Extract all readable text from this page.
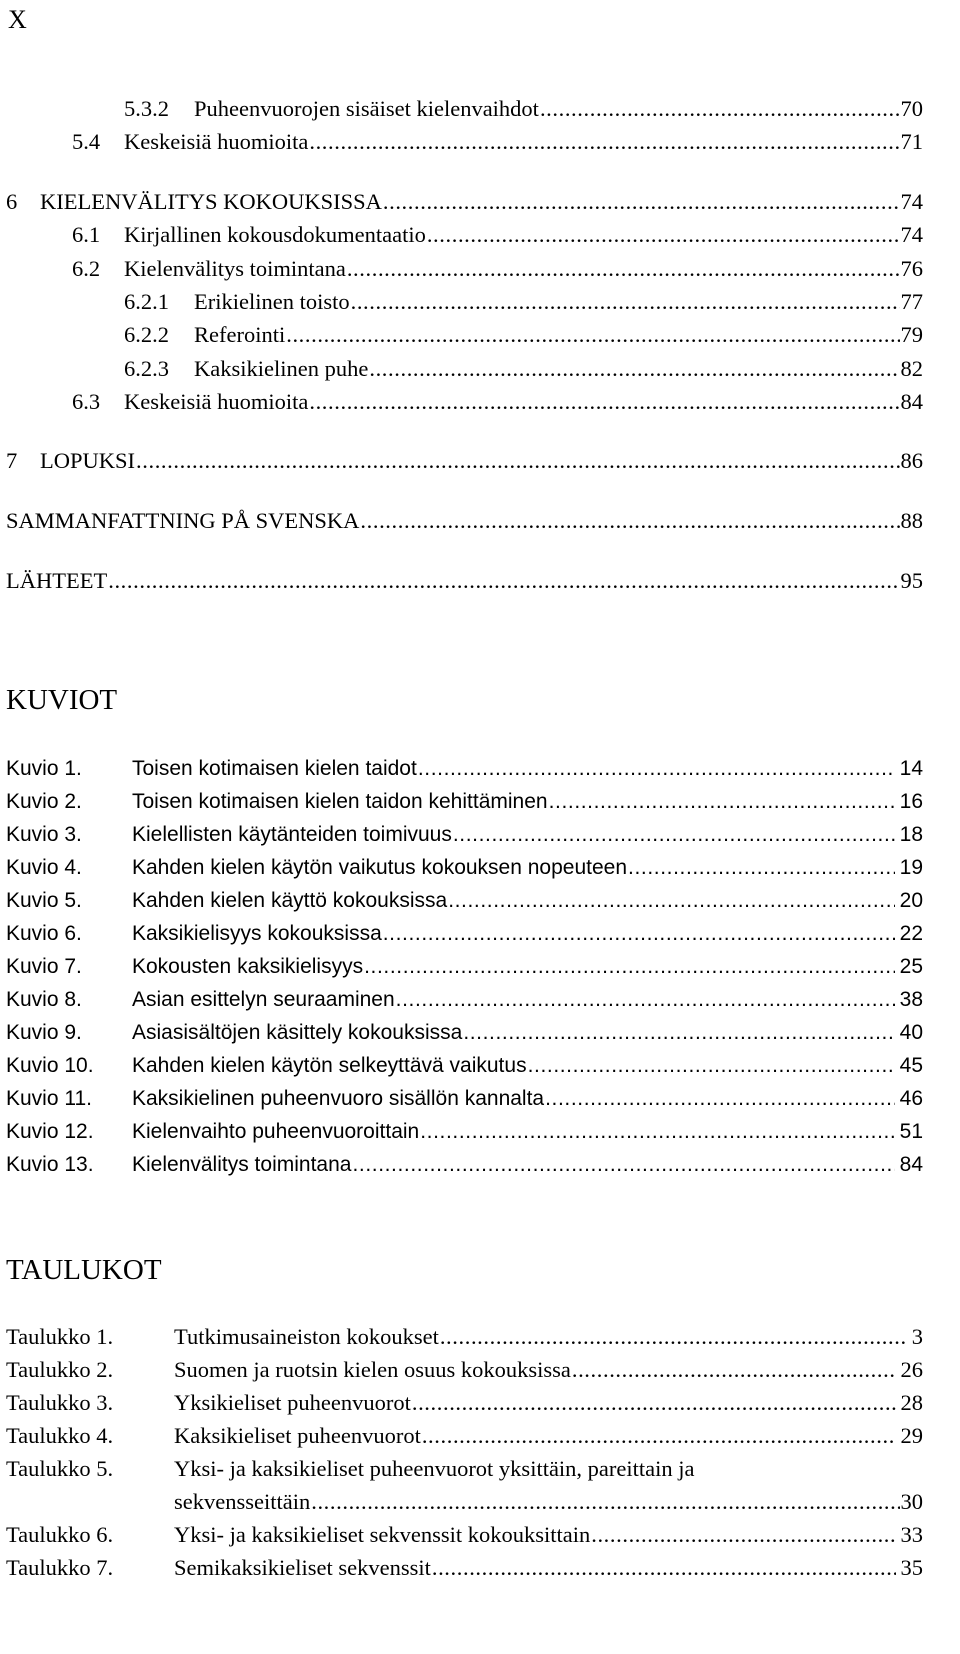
X
5.3.2	Puheenvuorojen sisäiset kielenvaihdot .....	70
5.4	Keskeisiä huomioita .....	71
6	KIELENVÄLITYS KOKOUKSISSA .....	74
6.1	Kirjallinen kokousdokumentaatio .....	74
6.2	Kielenvälitys toimintana .....	76
6.2.1	Erikielinen toisto .....	77
6.2.2	Referointi .....	79
6.2.3	Kaksikielinen puhe .....	82
6.3	Keskeisiä huomioita .....	84
7	LOPUKSI .....	86
SAMMANFATTNING PÅ SVENSKA .....	88
LÄHTEET .....	95
KUVIOT
Kuvio 1.	Toisen kotimaisen kielen taidot .....	14
Kuvio 2.	Toisen kotimaisen kielen taidon kehittäminen .....	16
Kuvio 3.	Kielellisten käytänteiden toimivuus .....	18
Kuvio 4.	Kahden kielen käytön vaikutus kokouksen nopeuteen .....	19
Kuvio 5.	Kahden kielen käyttö kokouksissa .....	20
Kuvio 6.	Kaksikielisyys kokouksissa .....	22
Kuvio 7.	Kokousten kaksikielisyys .....	25
Kuvio 8.	Asian esittelyn seuraaminen .....	38
Kuvio 9.	Asiasisältöjen käsittely kokouksissa .....	40
Kuvio 10.	Kahden kielen käytön selkeyttävä vaikutus .....	45
Kuvio 11.	Kaksikielinen puheenvuoro sisällön kannalta .....	46
Kuvio 12.	Kielenvaihto puheenvuoroittain .....	51
Kuvio 13.	Kielenvälitys toimintana .....	84
TAULUKOT
Taulukko 1.	Tutkimusaineiston kokoukset .....	3
Taulukko 2.	Suomen ja ruotsin kielen osuus kokouksissa .....	26
Taulukko 3.	Yksikieliset puheenvuorot .....	28
Taulukko 4.	Kaksikieliset puheenvuorot .....	29
Taulukko 5.	Yksi- ja kaksikieliset puheenvuorot yksittäin, pareittain ja
sekvensseittäin .....	30
Taulukko 6.	Yksi- ja kaksikieliset sekvenssit kokouksittain .....	33
Taulukko 7.	Semikaksikieliset sekvenssit .....	35
